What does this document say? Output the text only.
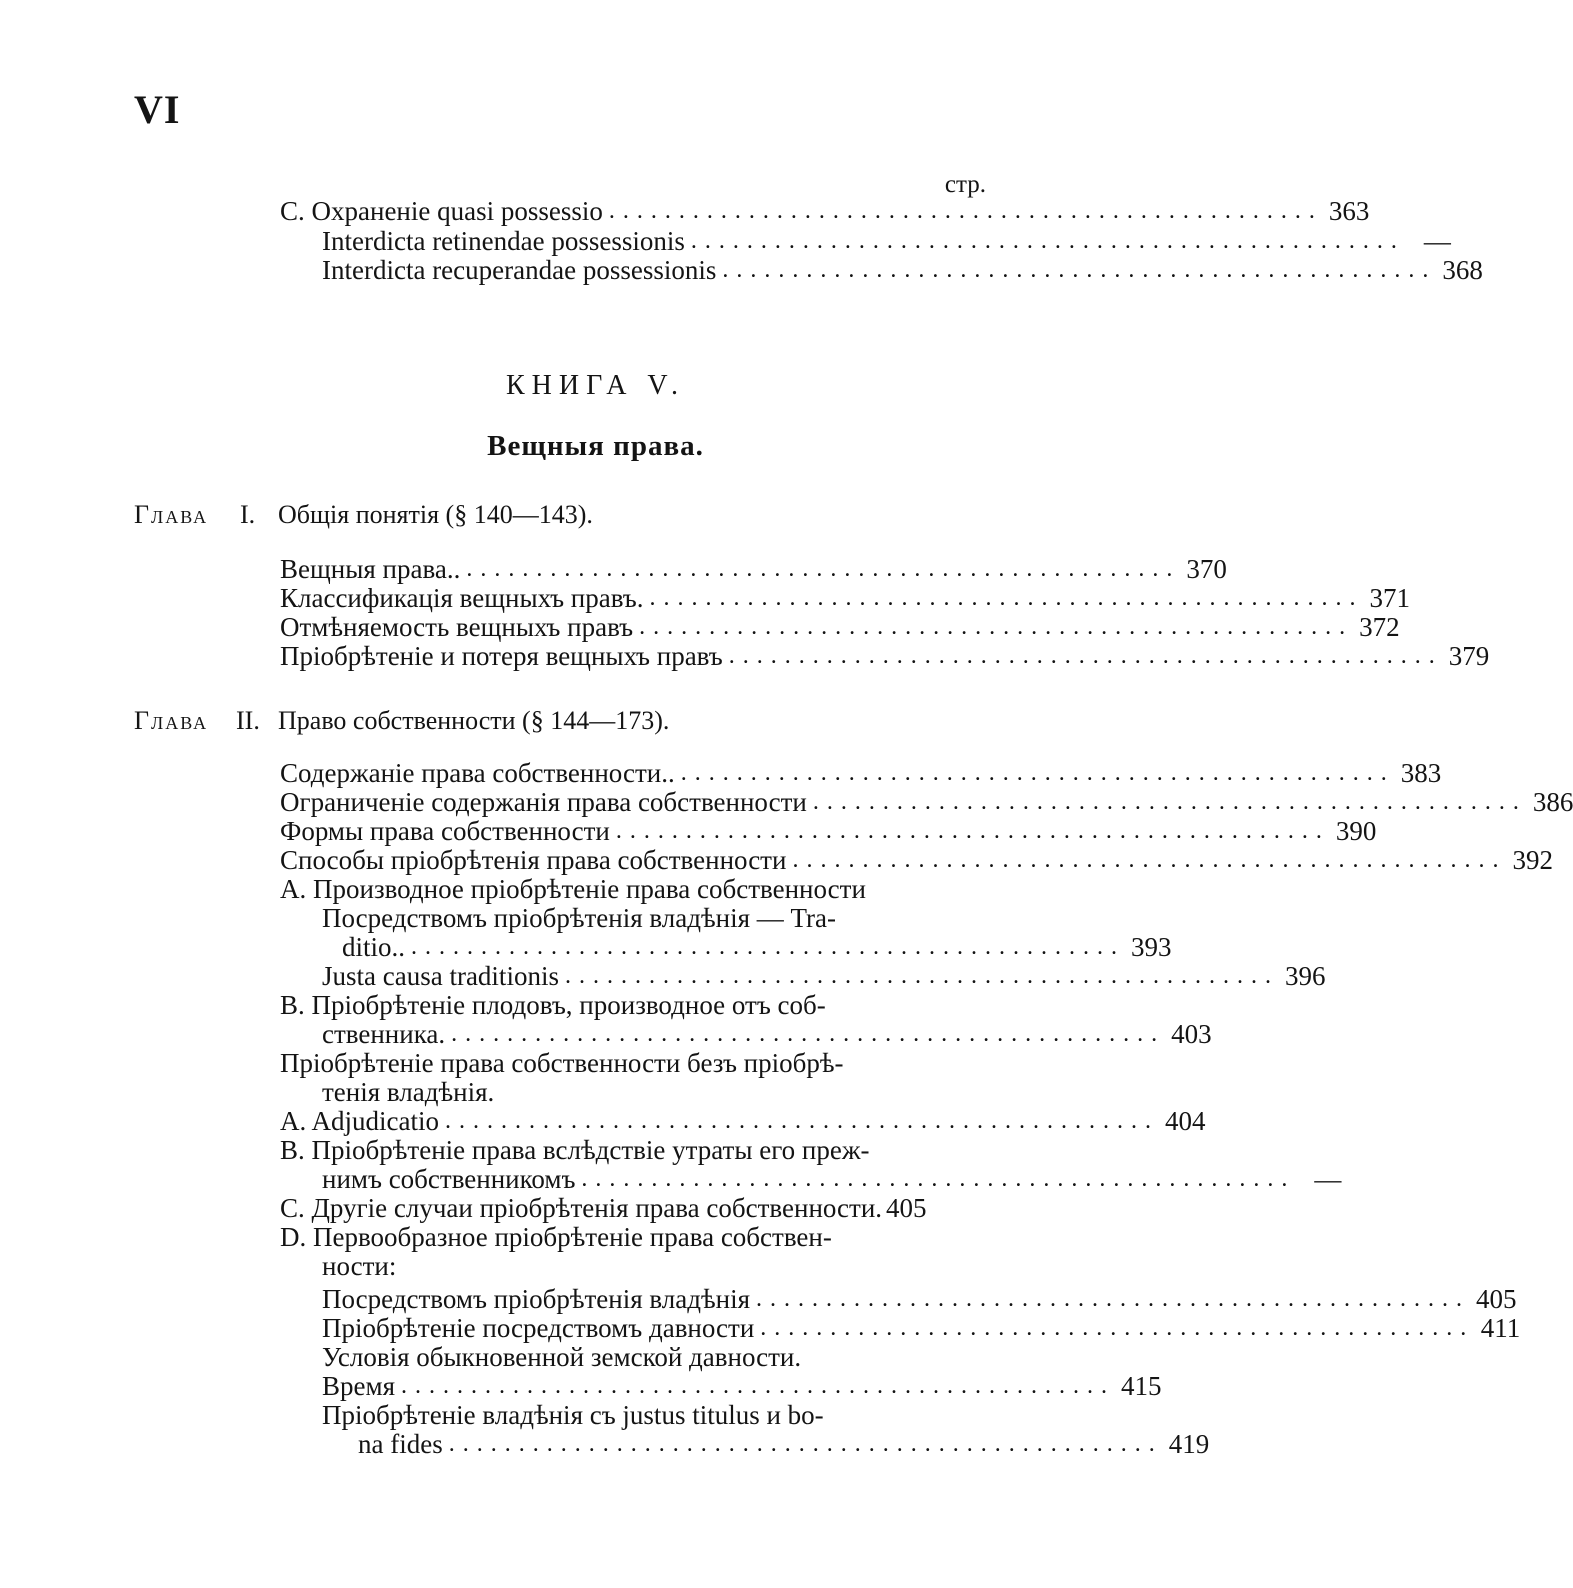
VI
стр.
C. Охраненіе quasi possessio ................................................... 363
Interdicta retinendae possessionis ................................................... —
Interdicta recuperandae possessionis ................................................... 368
КНИГА V.
Вещныя права.
Глава I. Общія понятія (§ 140—143).
Вещныя права.. ................................................... 370
Классификація вещныхъ правъ. ................................................... 371
Отмѣняемость вещныхъ правъ ................................................... 372
Пріобрѣтеніе и потеря вещныхъ правъ ................................................... 379
Глава II. Право собственности (§ 144—173).
Содержаніе права собственности.. ................................................... 383
Ограниченіе содержанія права собственности ................................................... 386
Формы права собственности ................................................... 390
Способы пріобрѣтенія права собственности ................................................... 392
A. Производное пріобрѣтеніе права собственности
Посредствомъ пріобрѣтенія владѣнія — Tra-
ditio.. ................................................... 393
Justa causa traditionis ................................................... 396
B. Пріобрѣтеніе плодовъ, производное отъ соб-
ственника. ................................................... 403
Пріобрѣтеніе права собственности безъ пріобрѣ-
тенія владѣнія.
A. Adjudicatio ................................................... 404
B. Пріобрѣтеніе права вслѣдствіе утраты его преж-
нимъ собственникомъ ................................................... —
C. Другіе случаи пріобрѣтенія права собственности. 405
D. Первообразное пріобрѣтеніе права собствен-
ности:
Посредствомъ пріобрѣтенія владѣнія ................................................... 405
Пріобрѣтеніе посредствомъ давности ................................................... 411
Условія обыкновенной земской давности.
Время ................................................... 415
Пріобрѣтеніе владѣнія съ justus titulus и bo-
na fides ................................................... 419
